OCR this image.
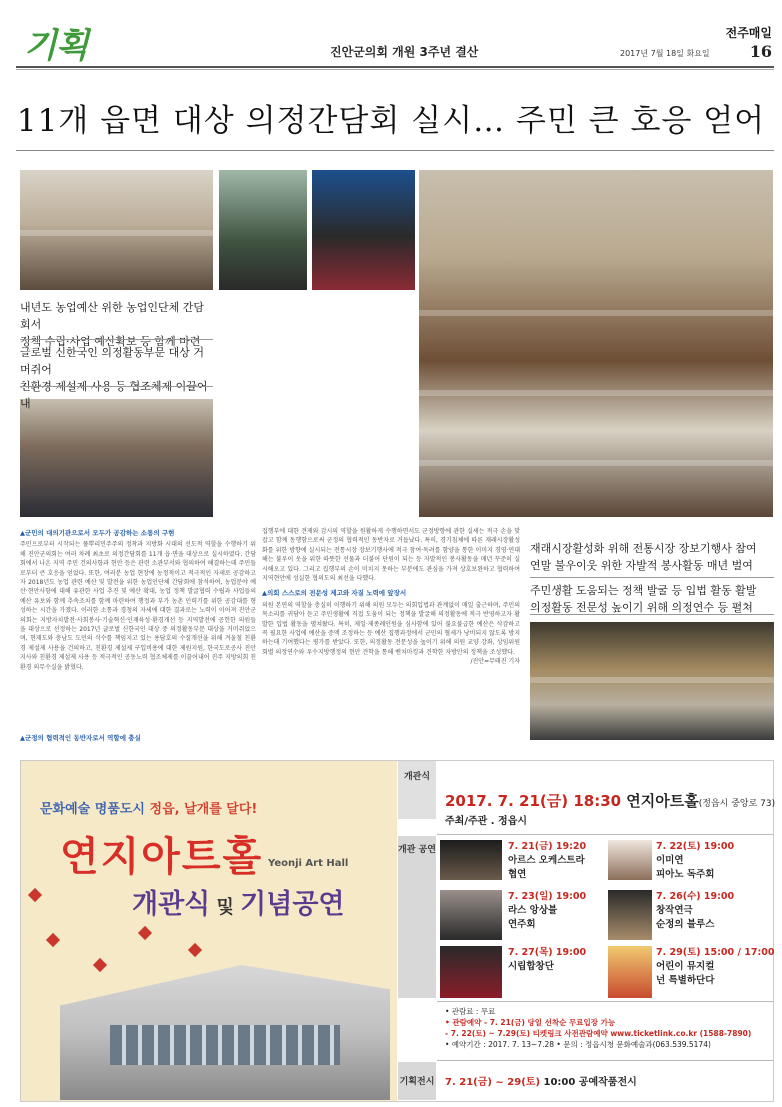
기획	진안군의회 개원 3주년 결산
전주매일
2017년 7월 18일 화요일	16
11개 읍면 대상 의정간담회 실시… 주민 큰 호응 얻어
내년도 농업예산 위한 농업인단체 간담회서
정책 수립·사업 예산확보 등 함께 마련
글로벌 신한국인 의정활동부문 대상 거머쥐어
친환경 제설제 사용 등 협조체제 이끌어내
재래시장활성화 위해 전통시장 장보기행사 참여
연말 불우이웃 위한 자발적 봉사활동 매년 벌여
주민생활 도움되는 정책 발굴 등 입법 활동 활발
의정활동 전문성 높이기 위해 의정연수 등 펼쳐
▲군민의 대의기관으로서 모두가 공감하는 소통의 구현
주민으로부터 시작되는 풀뿌리민주주의 정착과 지방화 시대의 선도적 역할을 수행하기 위해 진안군의회는 여러 차례 최초로 의정간담회를 11개 읍·면을 대상으로 실시하였다. 간담회에서 나온 지역 주민 건의사항과 현안 등은 관련 소관부서와 협의하여 해결하는데 주민들로부터 큰 호응을 얻었다. 또한, 여러분 농업 현장에 농정적이고 적극적인 자세로 공감하고자 2018년도 농업 관련 예산 및 발전을 위한 농업인단체 간담회에 참석하여, 농업분야 예산·현안사항에 대해 유관한 사업 추진 및 예산 확대, 농업 정책 발굴협력 수립과 사업들의 예산 유보와 함께 추속조치를 함께 마련하여 행정과 부가 농촌 인력기를 위한 공감대를 형성하는 시간을 가졌다. 이러한 소통과 경청의 자세에 대한 결과로는 노력이 이어져 진안군의회는 지방자치발전·사회봉사·기술혁신·인재육성·환경개선 등 지역발전에 공헌한 의원들을 대상으로 선정하는 2017년 글로벌 신한국인 대상 중 의정활동부문 대상을 거머쥐었으며, 현재도와 충남도 도민의 식수를 책임지고 있는 용담호의 수질개선을 위해 겨울철 친환경 제설제 사용을 건의하고, 친환경 제설제 구입비용에 대한 제원지원, 한국도로공사 진안지사와 친환경 제설제 사용 등 적극적인 공동노력 협조체제를 이끌어내어 진주 지방의회 친환경 의무수실을 밝혔다.
▲군정의 협력적인 동반자로서 역할에 충실
집행부에 대한 견제와 감시의 역할을 원활하게 수행하면서도 군정방향에 관한 실세는 적극 손을 맞잡고 함께 동행함으로써 군정의 협력적인 동반자로 거듭났다. 특히, 경기침체에 따른 재래시장활성화를 위한 방향에 실시되는 전통시장 장보기행사에 적극 참여·독려를 함양을 통한 이미지 경영·연대해는 불우이 웃을 위한 따뜻한 선물과 더불어 단원이 되는 등 자발적인 봉사활동을 매년 꾸준히 실시해오고 있다. 그리고 집행부의 손이 미치지 못하는 부분에도 관심을 가져 상호보완하고 협력하여 지역현안에 성실한 협의도의 최선을 다했다.
▲의회 스스로의 전문성 제고와 자질 노력에 앞장서
의원 본연의 역할을 충실히 이행하기 위해 의원 모두는 의회입법과 관계없이 매일 출근하며, 주민의 목소리를 귀담아 듣고 주민생활에 직접 도움이 되는 정책을 발굴해 의정활동에 적극 반영하고자 활발한 입법 활동을 펼쳐왔다. 특히, 제일·제종례인원을 심사함에 있어 불요불급한 예산은 삭감하고 꼭 필요한 사업에 예산을 증액 조정하는 등 예산 집행과정에서 군민의 혈세가 낭비되지 않도록 방지하는데 기여했다는 평가를 받았다. 또한, 의정활동 전문성을 높이기 위해 의원 교양 강좌, 상임위원회별 의정연수와 우수지방행정의 현안 견학을 통해 벤치마킹과 견학한 자방안의 정책을 조성했다.
/진안=무태진 기자
문화예술 명품도시 정읍, 날개를 달다!
연지아트홀 Yeonji Art Hall
개관식 및 기념공연
개관식
2017. 7. 21(금) 18:30 연지아트홀(정읍시 중앙로 73)
주최/주관 . 정읍시
개관 공연	7. 21(금) 19:20
아르스 오케스트라
협연
7. 22(토) 19:00
이미연
피아노 독주회
7. 23(일) 19:00
라스 앙상블
연주회
7. 26(수) 19:00
창작연극
순정의 블루스
7. 27(목) 19:00
시립합창단
7. 29(토) 15:00 / 17:00
어린이 뮤지컬
넌 특별하단다
• 관람료 : 무료
• 관람예약 - 7. 21(금) 당일 선착순 무료입장 가능
- 7. 22(토) ~ 7.29(토) 티켓링크 사전관람예약 www.ticketlink.co.kr (1588-7890)
• 예약기간 : 2017. 7. 13~7.28 • 문의 : 정읍시청 문화예술과(063.539.5174)
기획전시 7. 21(금) ~ 29(토) 10:00 공예작품전시
